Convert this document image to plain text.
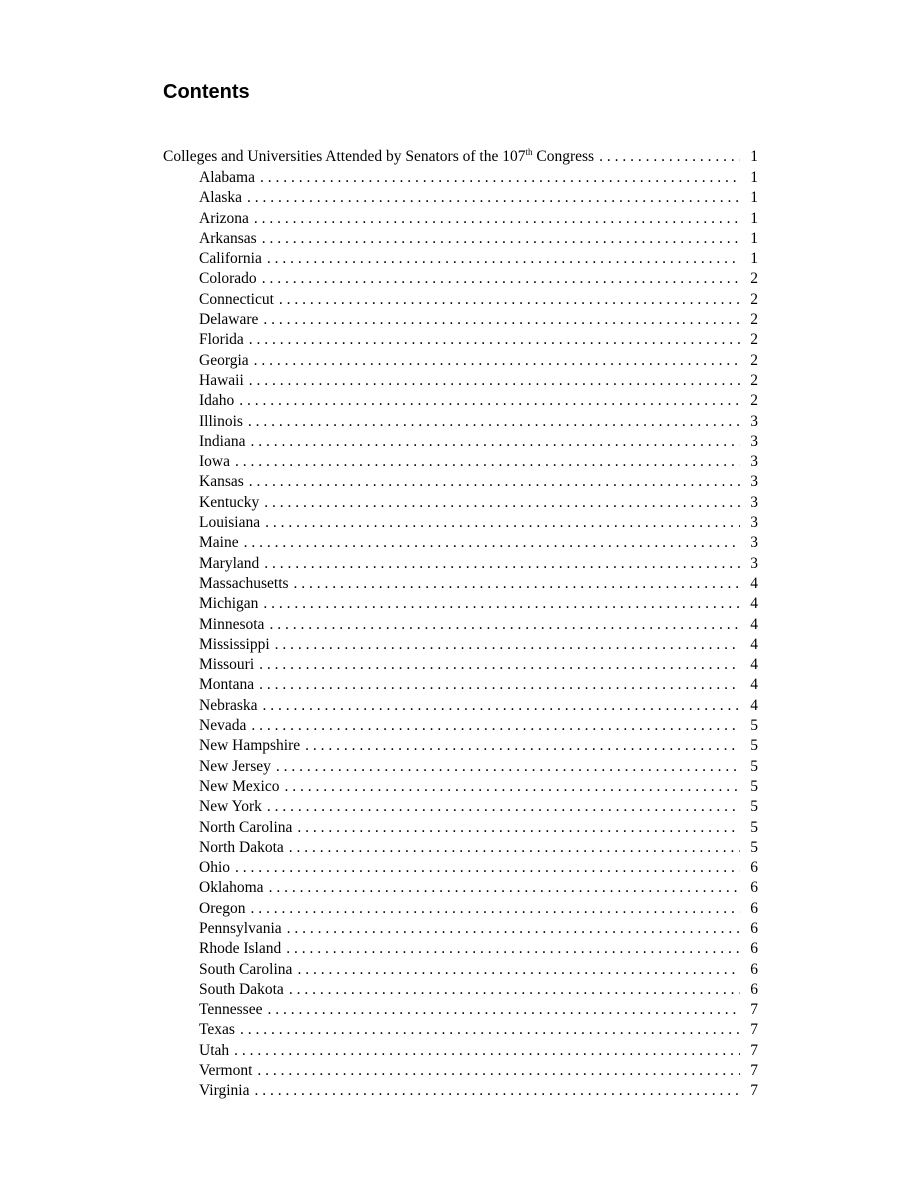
Contents
Colleges and Universities Attended by Senators of the 107th Congress . . .	1
Alabama . . .	1
Alaska . . .	1
Arizona . . .	1
Arkansas . . .	1
California . . .	1
Colorado . . .	2
Connecticut . . .	2
Delaware . . .	2
Florida . . .	2
Georgia . . .	2
Hawaii . . .	2
Idaho . . .	2
Illinois . . .	3
Indiana . . .	3
Iowa . . .	3
Kansas . . .	3
Kentucky . . .	3
Louisiana . . .	3
Maine . . .	3
Maryland . . .	3
Massachusetts . . .	4
Michigan . . .	4
Minnesota . . .	4
Mississippi . . .	4
Missouri . . .	4
Montana . . .	4
Nebraska . . .	4
Nevada . . .	5
New Hampshire . . .	5
New Jersey . . .	5
New Mexico . . .	5
New York . . .	5
North Carolina . . .	5
North Dakota . . .	5
Ohio . . .	6
Oklahoma . . .	6
Oregon . . .	6
Pennsylvania . . .	6
Rhode Island . . .	6
South Carolina . . .	6
South Dakota . . .	6
Tennessee . . .	7
Texas . . .	7
Utah . . .	7
Vermont . . .	7
Virginia . . .	7
